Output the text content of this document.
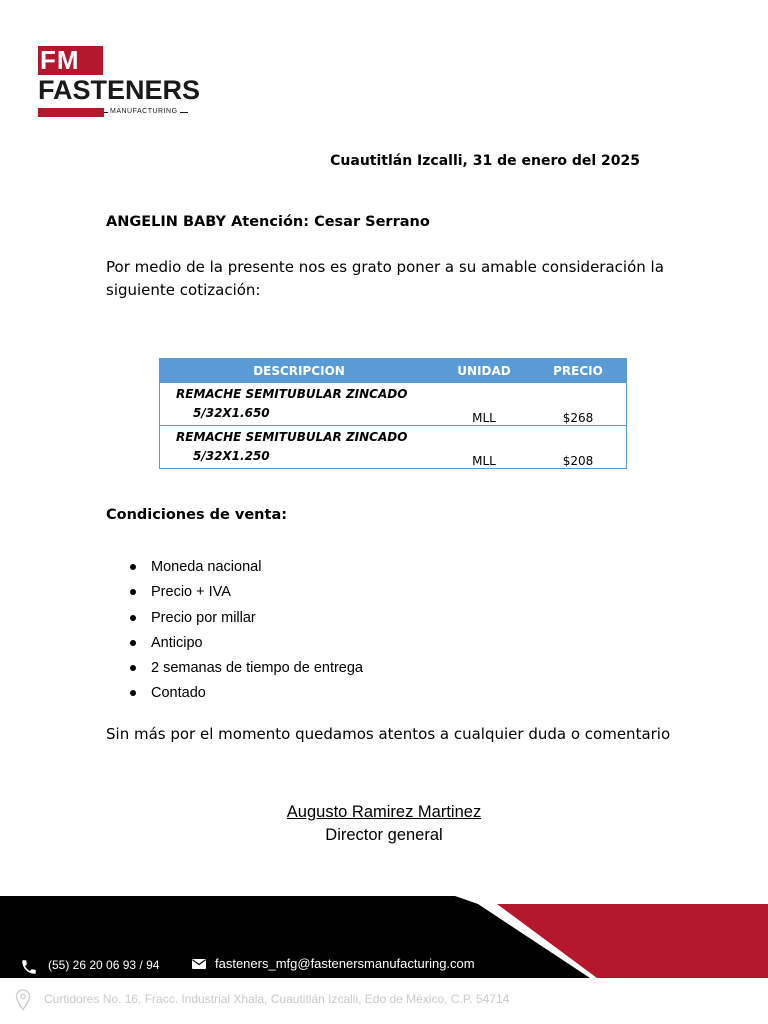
FM
FASTENERS
MANUFACTURING
Cuautitlán Izcalli, 31 de enero del 2025
ANGELIN BABY Atención: Cesar Serrano
Por medio de la presente nos es grato poner a su amable consideración la siguiente cotización:
DESCRIPCION	UNIDAD	PRECIO

REMACHE SEMITUBULAR ZINCADO
5/32X1.650	MLL	$268

REMACHE SEMITUBULAR ZINCADO
5/32X1.250	MLL	$208
Condiciones de venta:
Moneda nacional
Precio + IVA
Precio por millar
Anticipo
2 semanas de tiempo de entrega
Contado
Sin más por el momento quedamos atentos a cualquier duda o comentario
Augusto Ramirez Martinez
Director general
(55) 26 20 06 93 / 94	fasteners_mfg@fastenersmanufacturing.com
Curtidores No. 16, Fracc. Industrial Xhala, Cuautitlán Izcalli, Edo de México, C.P. 54714
